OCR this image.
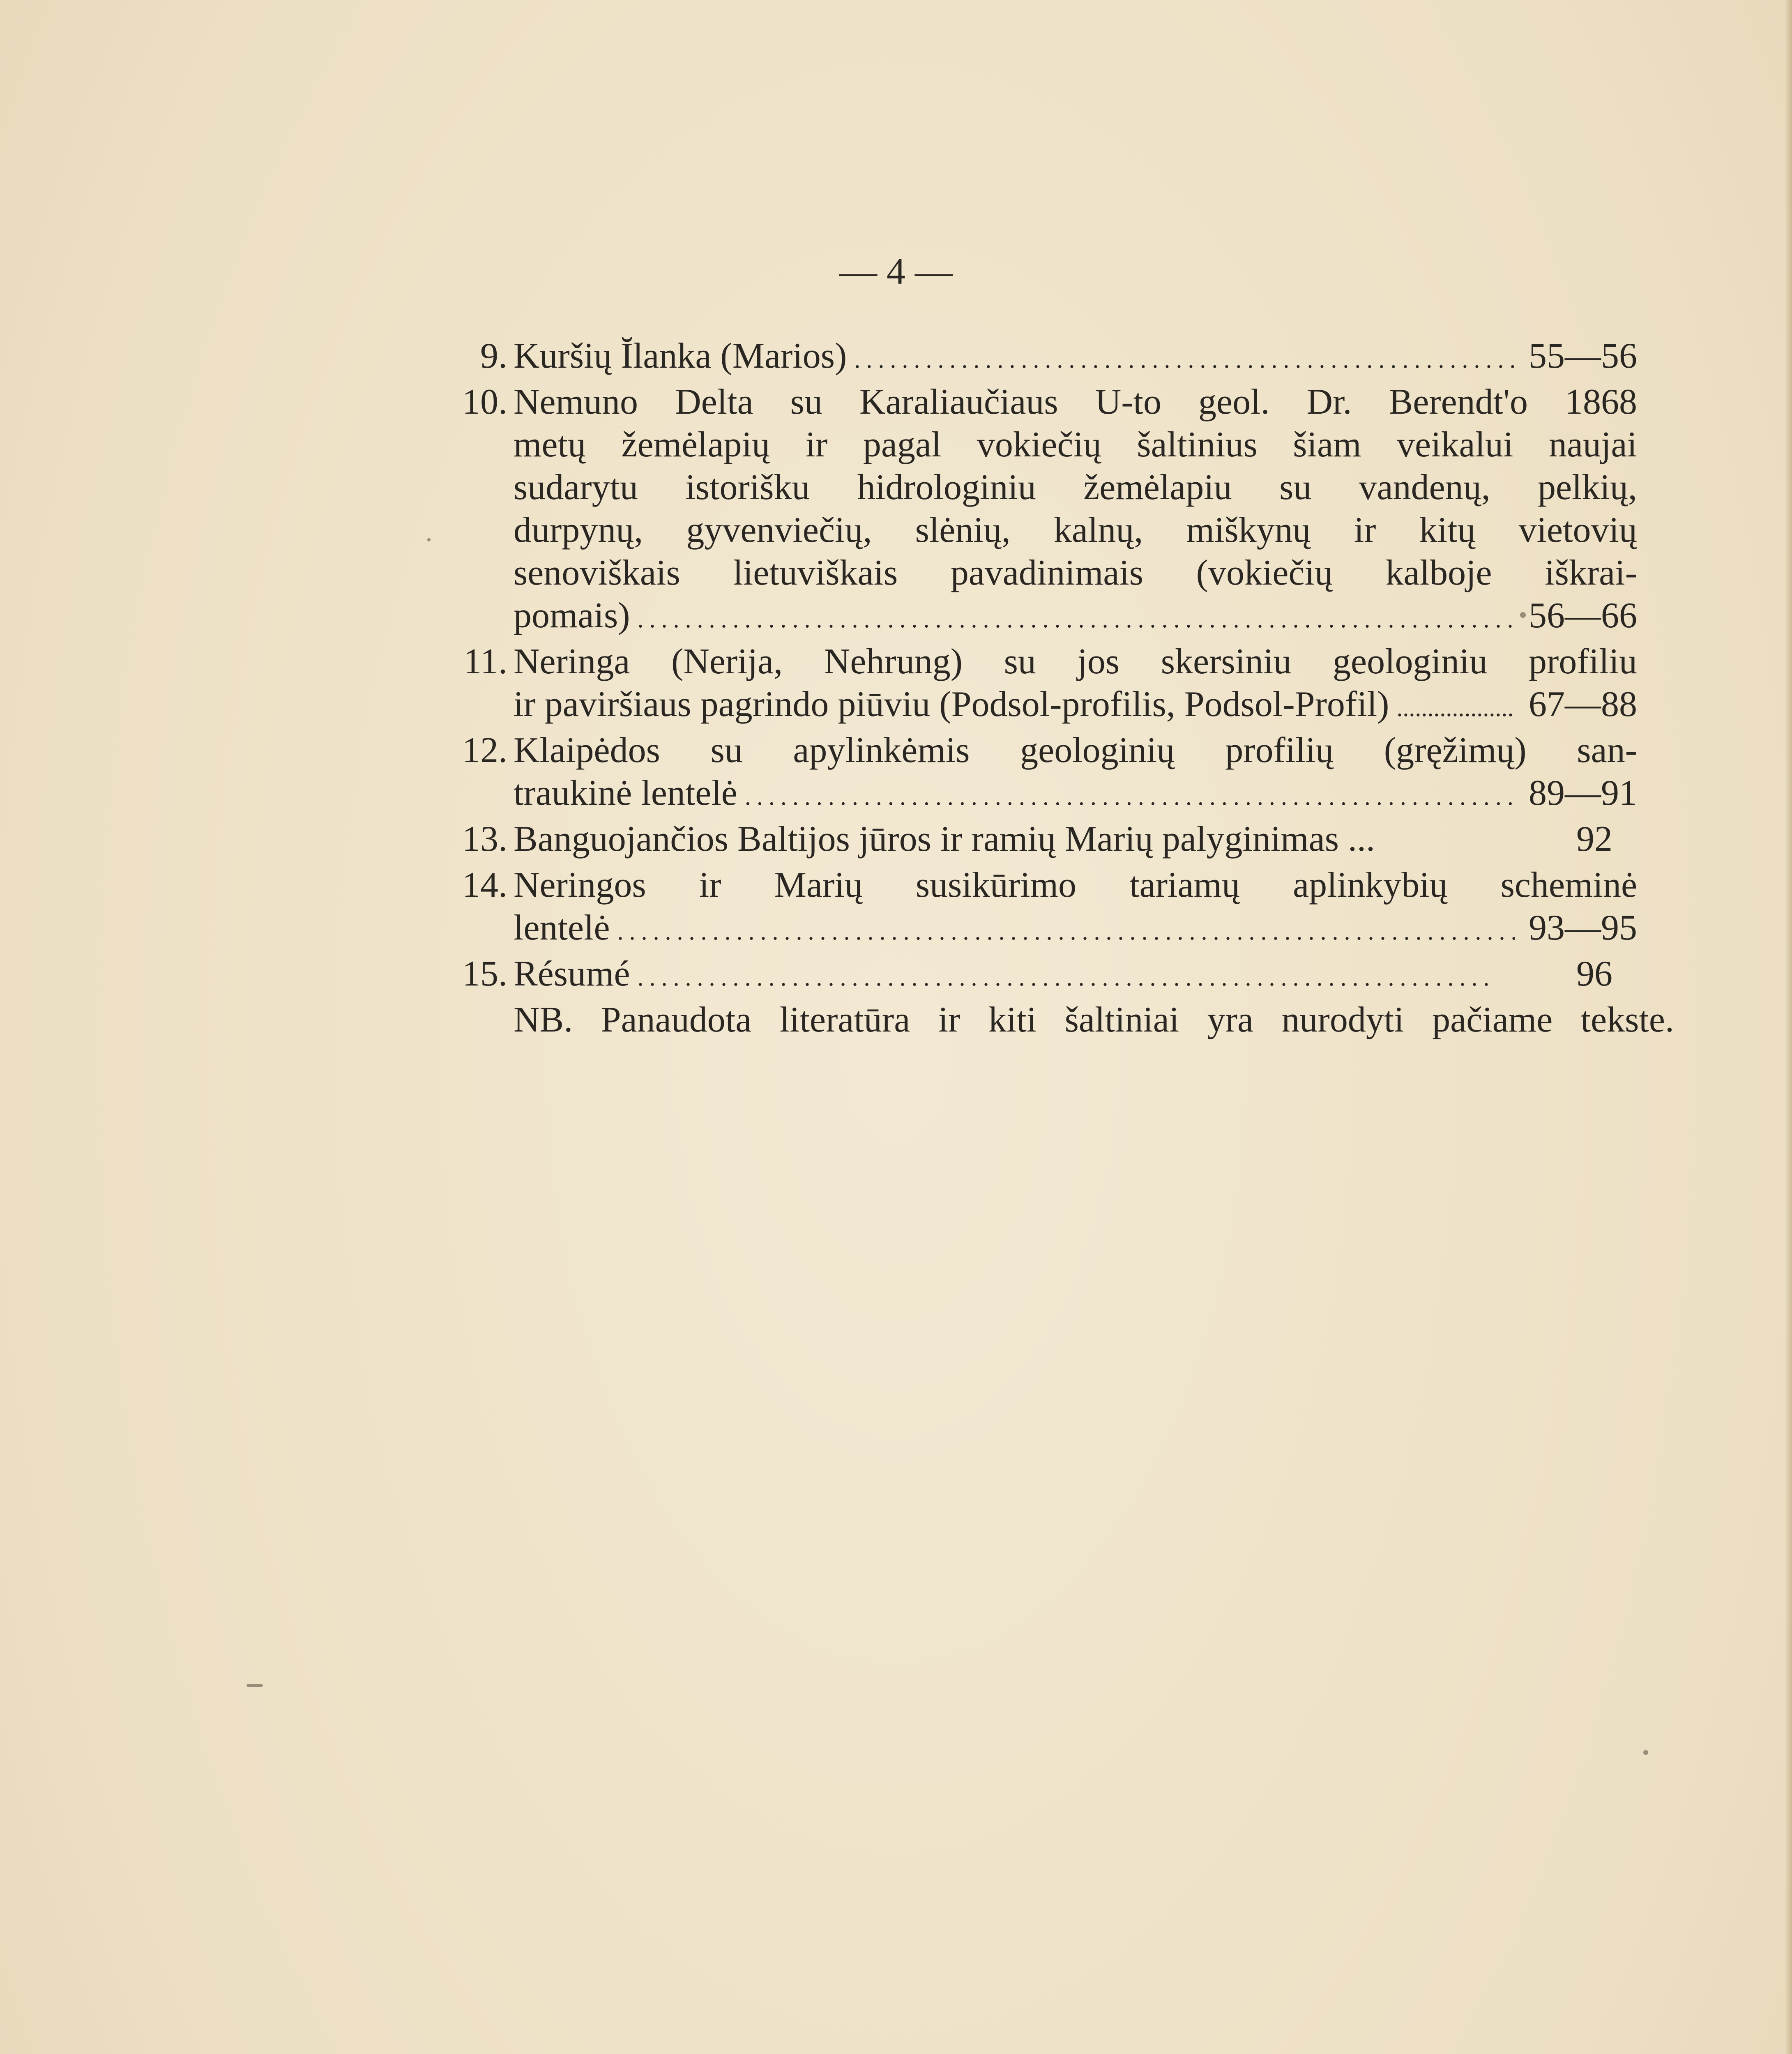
— 4 —
9. Kuršių Ĭlanka (Marios) .....	55—56
10. Nemuno Delta su Karaliaučiaus U-to geol. Dr. Berendt'o 1868
metų žemėlapių ir pagal vokiečių šaltinius šiam veikalui naujai
sudarytu istorišku hidrologiniu žemėlapiu su vandenų, pelkių,
durpynų, gyvenviečių, slėnių, kalnų, miškynų ir kitų vietovių
senoviškais lietuviškais pavadinimais (vokiečių kalboje iškrai-
pomais) .....	56—66
11. Neringa (Nerija, Nehrung) su jos skersiniu geologiniu profiliu
ir paviršiaus pagrindo piūviu (Podsol-profilis, Podsol-Profil) .....	67—88
12. Klaipėdos su apylinkėmis geologinių profilių (gręžimų) san-
traukinė lentelė .....	89—91
13. Banguojančios Baltijos jūros ir ramių Marių palyginimas ...	92
14. Neringos ir Marių susikūrimo tariamų aplinkybių scheminė
lentelė .....	93—95
15. Résumé .....	96
NB. Panaudota literatūra ir kiti šaltiniai yra nurodyti pačiame tekste.
